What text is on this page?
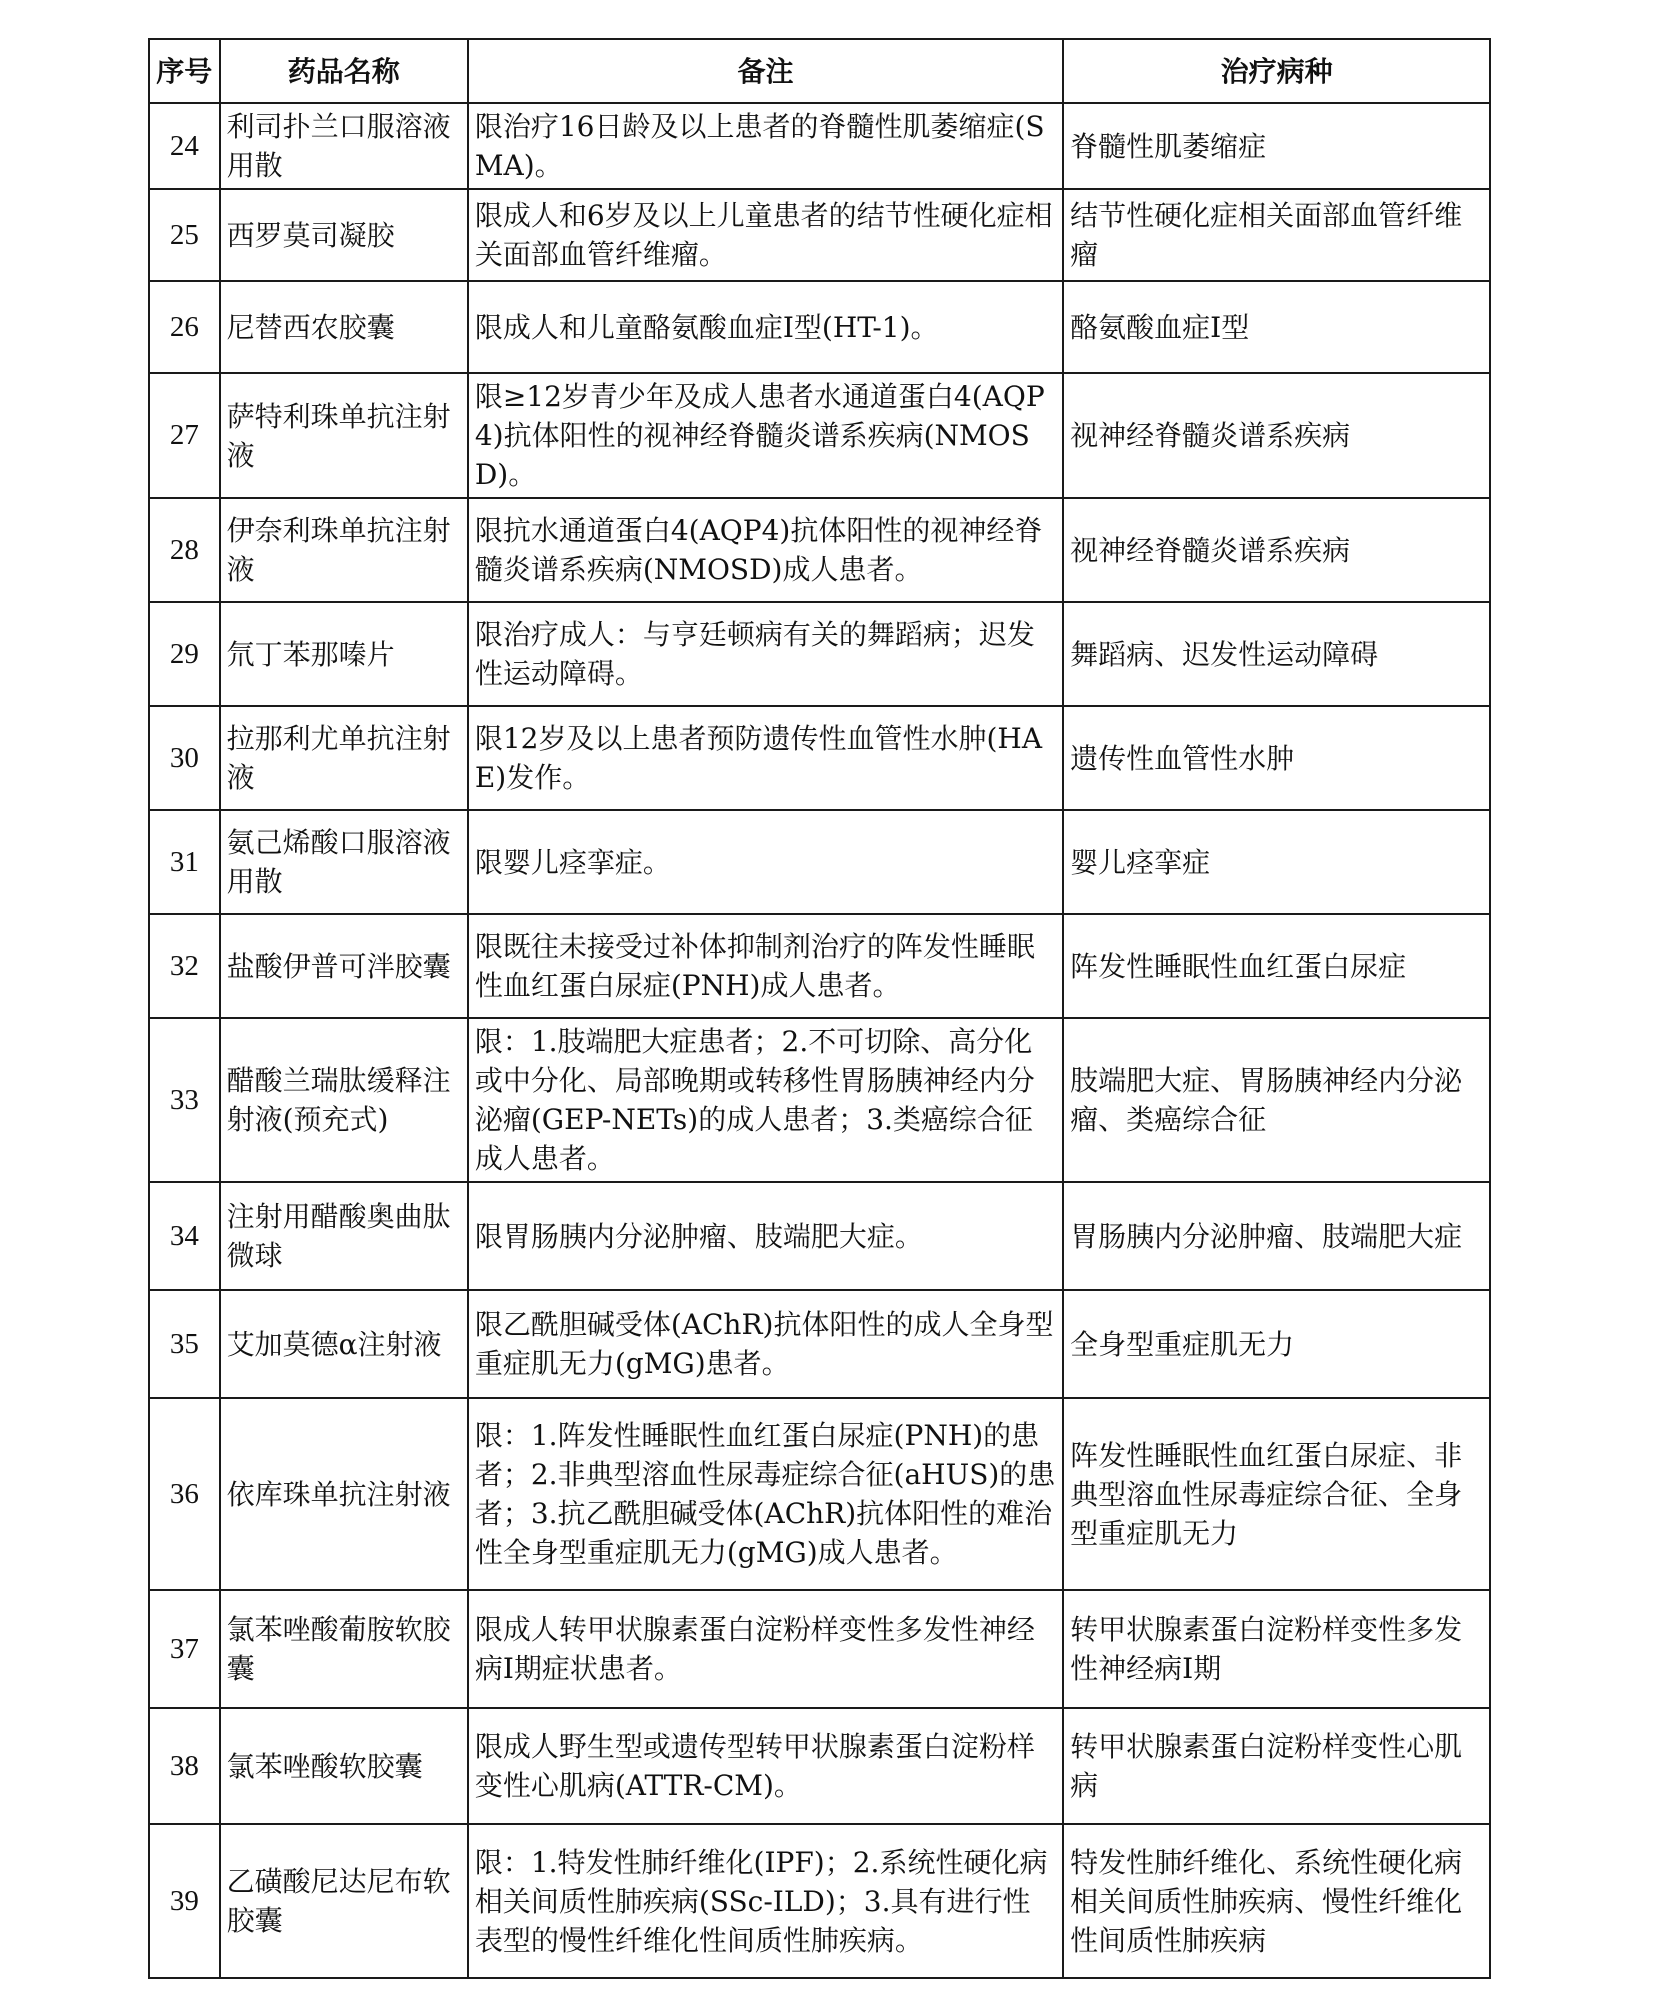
序号	药品名称	备注	治疗病种
24	利司扑兰口服溶液用散	限治疗16日龄及以上患者的脊髓性肌萎缩症(SMA)。	脊髓性肌萎缩症
25	西罗莫司凝胶	限成人和6岁及以上儿童患者的结节性硬化症相关面部血管纤维瘤。	结节性硬化症相关面部血管纤维瘤
26	尼替西农胶囊	限成人和儿童酪氨酸血症Ⅰ型(HT-1)。	酪氨酸血症Ⅰ型
27	萨特利珠单抗注射液	限≥12岁青少年及成人患者水通道蛋白4(AQP4)抗体阳性的视神经脊髓炎谱系疾病(NMOSD)。	视神经脊髓炎谱系疾病
28	伊奈利珠单抗注射液	限抗水通道蛋白4(AQP4)抗体阳性的视神经脊髓炎谱系疾病(NMOSD)成人患者。	视神经脊髓炎谱系疾病
29	氘丁苯那嗪片	限治疗成人：与亨廷顿病有关的舞蹈病；迟发性运动障碍。	舞蹈病、迟发性运动障碍
30	拉那利尤单抗注射液	限12岁及以上患者预防遗传性血管性水肿(HAE)发作。	遗传性血管性水肿
31	氨己烯酸口服溶液用散	限婴儿痉挛症。	婴儿痉挛症
32	盐酸伊普可泮胶囊	限既往未接受过补体抑制剂治疗的阵发性睡眠性血红蛋白尿症(PNH)成人患者。	阵发性睡眠性血红蛋白尿症
33	醋酸兰瑞肽缓释注射液(预充式)	限：1.肢端肥大症患者；2.不可切除、高分化或中分化、局部晚期或转移性胃肠胰神经内分泌瘤(GEP-NETs)的成人患者；3.类癌综合征成人患者。	肢端肥大症、胃肠胰神经内分泌瘤、类癌综合征
34	注射用醋酸奥曲肽微球	限胃肠胰内分泌肿瘤、肢端肥大症。	胃肠胰内分泌肿瘤、肢端肥大症
35	艾加莫德α注射液	限乙酰胆碱受体(AChR)抗体阳性的成人全身型重症肌无力(gMG)患者。	全身型重症肌无力
36	依库珠单抗注射液	限：1.阵发性睡眠性血红蛋白尿症(PNH)的患者；2.非典型溶血性尿毒症综合征(aHUS)的患者；3.抗乙酰胆碱受体(AChR)抗体阳性的难治性全身型重症肌无力(gMG)成人患者。	阵发性睡眠性血红蛋白尿症、非典型溶血性尿毒症综合征、全身型重症肌无力
37	氯苯唑酸葡胺软胶囊	限成人转甲状腺素蛋白淀粉样变性多发性神经病I期症状患者。	转甲状腺素蛋白淀粉样变性多发性神经病I期
38	氯苯唑酸软胶囊	限成人野生型或遗传型转甲状腺素蛋白淀粉样变性心肌病(ATTR-CM)。	转甲状腺素蛋白淀粉样变性心肌病
39	乙磺酸尼达尼布软胶囊	限：1.特发性肺纤维化(IPF)；2.系统性硬化病相关间质性肺疾病(SSc-ILD)；3.具有进行性表型的慢性纤维化性间质性肺疾病。	特发性肺纤维化、系统性硬化病相关间质性肺疾病、慢性纤维化性间质性肺疾病
